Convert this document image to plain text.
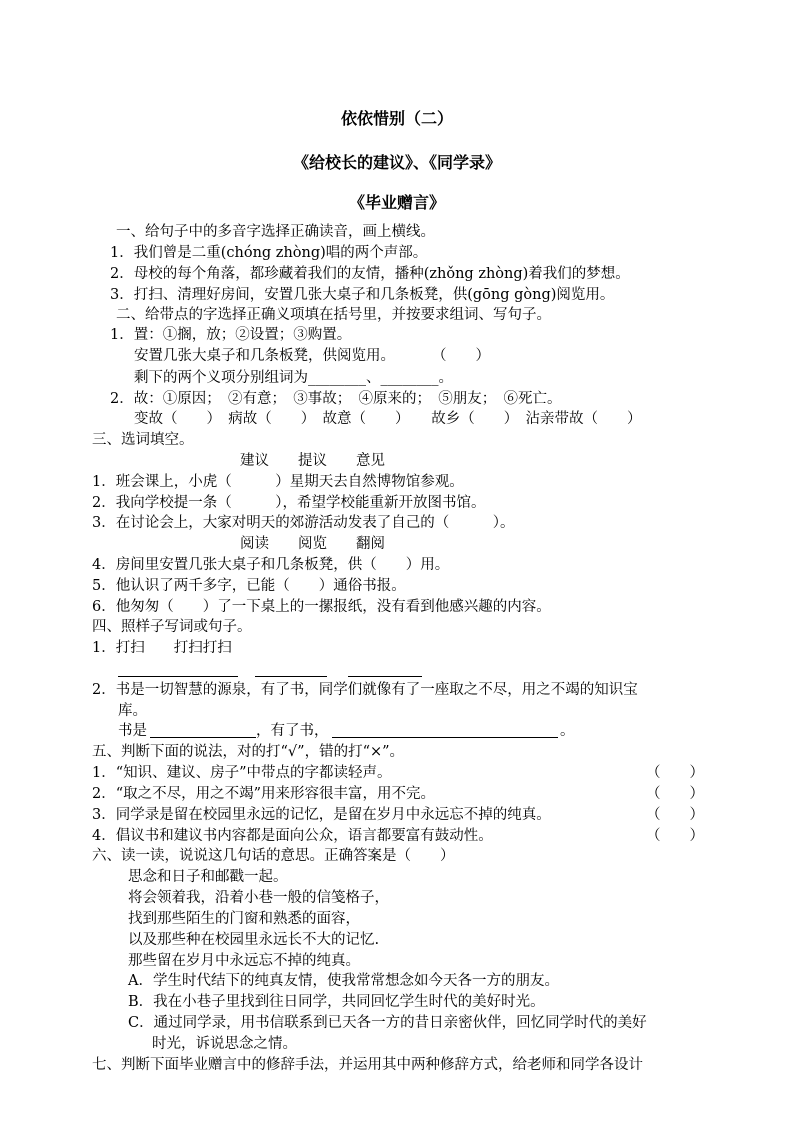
依依惜别（二）
《给校长的建议》、《同学录》
《毕业赠言》
一、给句子中的多音字选择正确读音，画上横线。
1．我们曾是二重(chóng zhòng)唱的两个声部。
2．母校的每个角落，都珍藏着我们的友情，播种(zhǒng zhòng)着我们的梦想。
3．打扫、清理好房间，安置几张大桌子和几条板凳，供(gōng gòng)阅览用。
二、给带点的字选择正确义项填在括号里，并按要求组词、写句子。
1．置：①搁，放；②设置；③购置。
安置几张大桌子和几条板凳，供阅览用。	（　　）
剩下的两个义项分别组词为________、________。
2．故：①原因；　②有意；　③事故；　④原来的；　⑤朋友；　⑥死亡。
变故（　　）　病故（　　）　故意（　　）　　故乡（　　）　沾亲带故（　　）
三、选词填空。
建议　　提议　　意见
1．班会课上，小虎（　　　）星期天去自然博物馆参观。
2．我向学校提一条（　　　），希望学校能重新开放图书馆。
3．在讨论会上，大家对明天的郊游活动发表了自己的（　　　）。
阅读　　阅览　　翻阅
4．房间里安置几张大桌子和几条板凳，供（　　）用。
5．他认识了两千多字，已能（　　）通俗书报。
6．他匆匆（　　）了一下桌上的一摞报纸，没有看到他感兴趣的内容。
四、照样子写词或句子。
1．打扫　　打扫打扫
2．书是一切智慧的源泉，有了书，同学们就像有了一座取之不尽，用之不竭的知识宝
库。
书是	，有了书，	。
五、判断下面的说法，对的打“√”，错的打“×”。
1．“知识、建议、房子”中带点的字都读轻声。	（　　）
2．“取之不尽，用之不竭”用来形容很丰富，用不完。	（　　）
3．同学录是留在校园里永远的记忆，是留在岁月中永远忘不掉的纯真。	（　　）
4．倡议书和建议书内容都是面向公众，语言都要富有鼓动性。	（　　）
六、读一读，说说这几句话的意思。正确答案是（　　）
思念和日子和邮戳一起。
将会领着我，沿着小巷一般的信笺格子，
找到那些陌生的门窗和熟悉的面容，
以及那些种在校园里永远长不大的记忆.
那些留在岁月中永远忘不掉的纯真。
A．学生时代结下的纯真友情，使我常常想念如今天各一方的朋友。
B．我在小巷子里找到往日同学，共同回忆学生时代的美好时光。
C．通过同学录，用书信联系到已天各一方的昔日亲密伙伴，回忆同学时代的美好
时光，诉说思念之情。
七、判断下面毕业赠言中的修辞手法，并运用其中两种修辞方式，给老师和同学各设计
